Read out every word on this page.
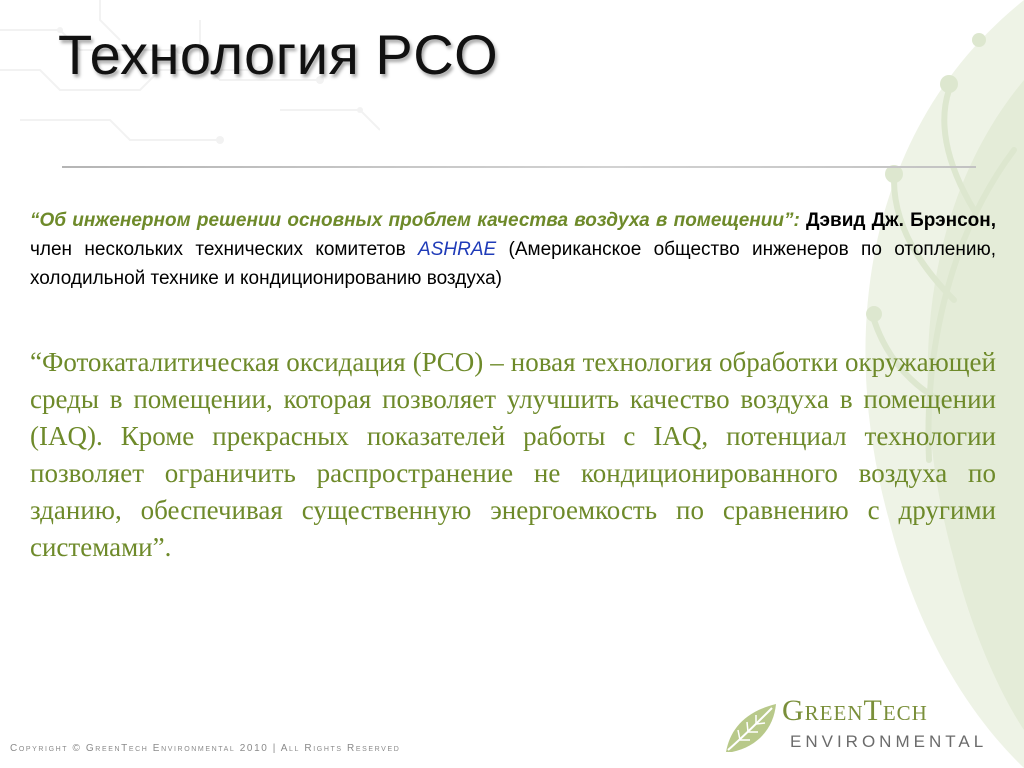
Технология PCO
“Об инженерном решении основных проблем качества воздуха в помещении”: Дэвид Дж. Брэнсон, член нескольких технических комитетов ASHRAE (Американское общество инженеров по отоплению, холодильной технике и кондиционированию воздуха)
“Фотокаталитическая оксидация (PCO) – новая технология обработки окружающей среды в помещении, которая позволяет улучшить качество воздуха в помещении (IAQ). Кроме прекрасных показателей работы с IAQ, потенциал технологии позволяет ограничить распространение не кондиционированного воздуха по зданию, обеспечивая существенную энергоемкость по сравнению с другими системами”.
Copyright © GreenTech Environmental 2010 | All Rights Reserved
GreenTech
ENVIRONMENTAL
